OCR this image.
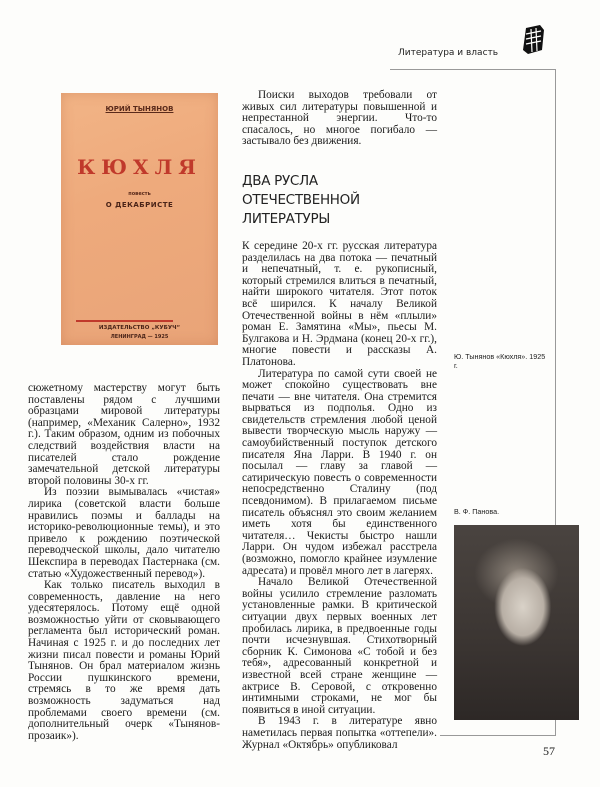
Литература и власть
ЮРИЙ ТЫНЯНОВ
КЮХЛЯ
повесть
О ДЕКАБРИСТЕ
ИЗДАТЕЛЬСТВО „КУБУЧ“
ЛЕНИНГРАД — 1925

сюжетному мастерству могут быть поставлены рядом с лучшими образцами мировой литературы (например, «Механик Салерно», 1932 г.). Таким образом, одним из побочных следствий воздействия власти на писателей стало рождение замечательной детской литературы второй половины 30-х гг.

Из поэзии вымывалась «чистая» лирика (советской власти больше нравились поэмы и баллады на историко-революционные темы), и это привело к рождению поэтической переводческой школы, дало читателю Шекспира в переводах Пастернака (см. статью «Художественный перевод»).

Как только писатель выходил в современность, давление на него удесятерялось. Потому ещё одной возможностью уйти от сковывающего регламента был исторический роман. Начиная с 1925 г. и до последних лет жизни писал повести и романы Юрий Тынянов. Он брал материалом жизнь России пушкинского времени, стремясь в то же время дать возможность задуматься над проблемами своего времени (см. дополнительный очерк «Тынянов-прозаик»).

Поиски выходов требовали от живых сил литературы повышенной и непрестанной энергии. Что-то спасалось, но многое погибало — застывало без движения.

ДВА РУСЛА ОТЕЧЕСТВЕННОЙ ЛИТЕРАТУРЫ

К середине 20-х гг. русская литература разделилась на два потока — печатный и непечатный, т. е. рукописный, который стремился влиться в печатный, найти широкого читателя. Этот поток всё ширился. К началу Великой Отечественной войны в нём «плыли» роман Е. Замятина «Мы», пьесы М. Булгакова и Н. Эрдмана (конец 20-х гг.), многие повести и рассказы А. Платонова.

Литература по самой сути своей не может спокойно существовать вне печати — вне читателя. Она стремится вырваться из подполья. Одно из свидетельств стремления любой ценой вывести творческую мысль наружу — самоубийственный поступок детского писателя Яна Ларри. В 1940 г. он посылал — главу за главой — сатирическую повесть о современности непосредственно Сталину (под псевдонимом). В прилагаемом письме писатель объяснял это своим желанием иметь хотя бы единственного читателя… Чекисты быстро нашли Ларри. Он чудом избежал расстрела (возможно, помогло крайнее изумление адресата) и провёл много лет в лагерях.

Начало Великой Отечественной войны усилило стремление разломать установленные рамки. В критической ситуации двух первых военных лет пробилась лирика, в предвоенные годы почти исчезнувшая. Стихотворный сборник К. Симонова «С тобой и без тебя», адресованный конкретной и известной всей стране женщине — актрисе В. Серовой, с откровенно интимными строками, не мог бы появиться в иной ситуации.

В 1943 г. в литературе явно наметилась первая попытка «оттепели». Журнал «Октябрь» опубликовал

Ю. Тынянов «Кюхля». 1925 г.
В. Ф. Панова.
57
